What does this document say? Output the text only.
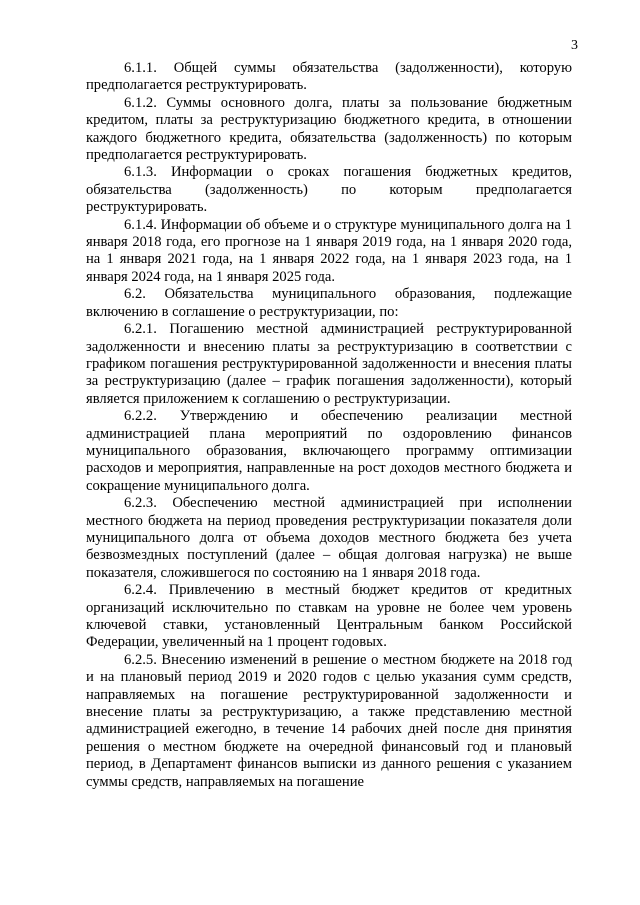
3

6.1.1. Общей суммы обязательства (задолженности), которую предполагается реструктурировать.

6.1.2. Суммы основного долга, платы за пользование бюджетным кредитом, платы за реструктуризацию бюджетного кредита, в отношении каждого бюджетного кредита, обязательства (задолженность) по которым предполагается реструктурировать.

6.1.3. Информации о сроках погашения бюджетных кредитов, обязательства (задолженность) по которым предполагается реструктурировать.

6.1.4. Информации об объеме и о структуре муниципального долга на 1 января 2018 года, его прогнозе на 1 января 2019 года, на 1 января 2020 года, на 1 января 2021 года, на 1 января 2022 года, на 1 января 2023 года, на 1 января 2024 года, на 1 января 2025 года.

6.2. Обязательства муниципального образования, подлежащие включению в соглашение о реструктуризации, по:

6.2.1. Погашению местной администрацией реструктурированной задолженности и внесению платы за реструктуризацию в соответствии с графиком погашения реструктурированной задолженности и внесения платы за реструктуризацию (далее – график погашения задолженности), который является приложением к соглашению о реструктуризации.

6.2.2. Утверждению и обеспечению реализации местной администрацией плана мероприятий по оздоровлению финансов муниципального образования, включающего программу оптимизации расходов и мероприятия, направленные на рост доходов местного бюджета и сокращение муниципального долга.

6.2.3. Обеспечению местной администрацией при исполнении местного бюджета на период проведения реструктуризации показателя доли муниципального долга от объема доходов местного бюджета без учета безвозмездных поступлений (далее – общая долговая нагрузка) не выше показателя, сложившегося по состоянию на 1 января 2018 года.

6.2.4. Привлечению в местный бюджет кредитов от кредитных организаций исключительно по ставкам на уровне не более чем уровень ключевой ставки, установленный Центральным банком Российской Федерации, увеличенный на 1 процент годовых.

6.2.5. Внесению изменений в решение о местном бюджете на 2018 год и на плановый период 2019 и 2020 годов с целью указания сумм средств, направляемых на погашение реструктурированной задолженности и внесение платы за реструктуризацию, а также представлению местной администрацией ежегодно, в течение 14 рабочих дней после дня принятия решения о местном бюджете на очередной финансовый год и плановый период, в Департамент финансов выписки из данного решения с указанием суммы средств, направляемых на погашение
